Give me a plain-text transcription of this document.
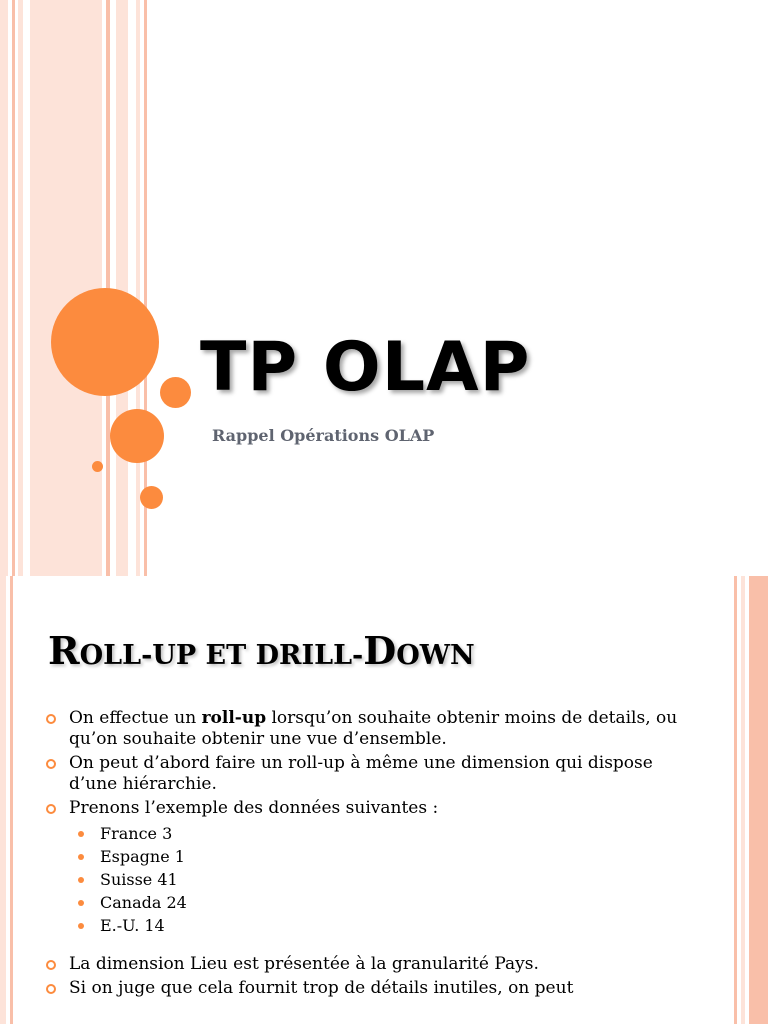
TP OLAP
Rappel Opérations OLAP
ROLL-UP ET DRILL-DOWN

On effectue un roll-up lorsqu’on souhaite obtenir moins de details, ou qu’on souhaite obtenir une vue d’ensemble.

On peut d’abord faire un roll-up à même une dimension qui dispose d’une hiérarchie.

Prenons l’exemple des données suivantes :

France 3
Espagne 1
Suisse 41
Canada 24
E.-U. 14

La dimension Lieu est présentée à la granularité Pays.

Si on juge que cela fournit trop de détails inutiles, on peut
